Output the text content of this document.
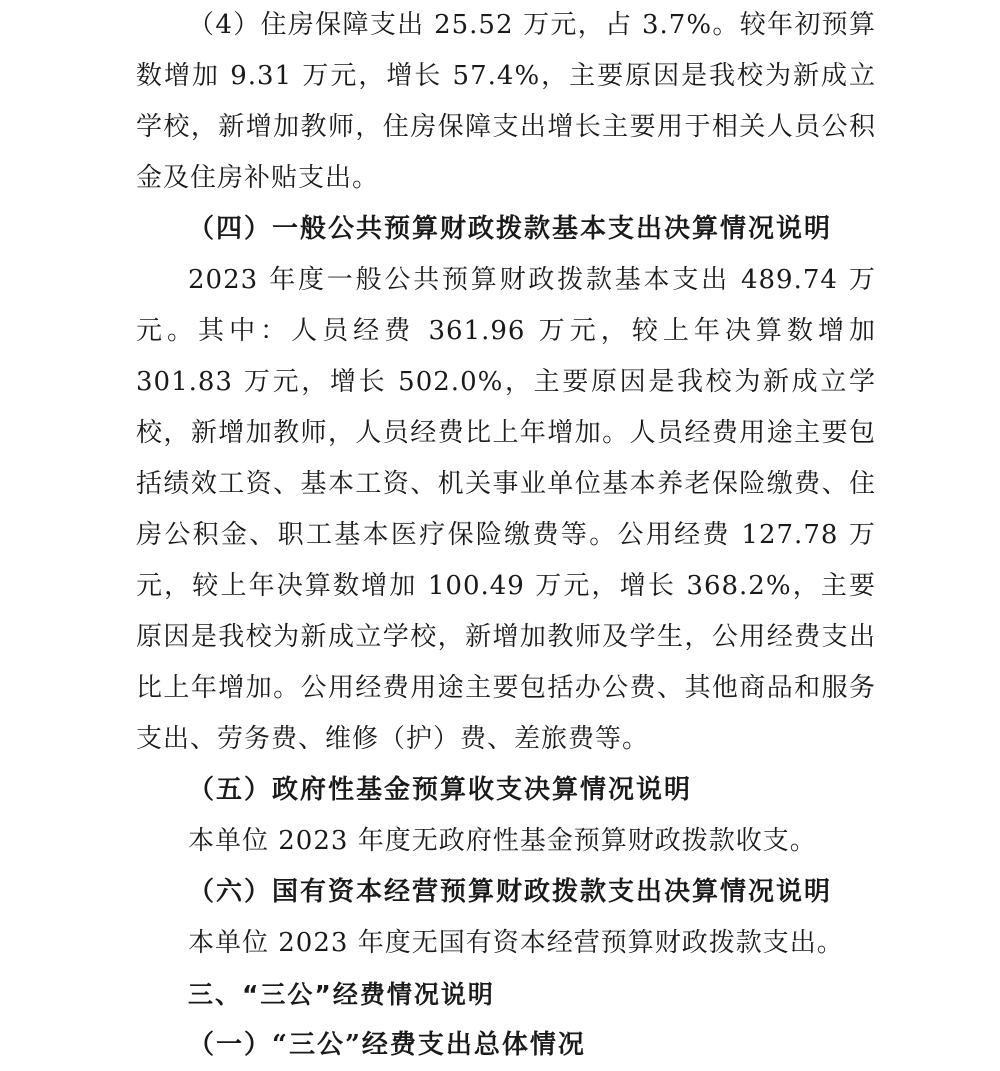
（4）住房保障支出 25.52 万元，占 3.7%。较年初预算数增加 9.31 万元，增长 57.4%，主要原因是我校为新成立学校，新增加教师，住房保障支出增长主要用于相关人员公积金及住房补贴支出。

（四）一般公共预算财政拨款基本支出决算情况说明

2023 年度一般公共预算财政拨款基本支出 489.74 万元。其中：人员经费 361.96 万元，较上年决算数增加 301.83 万元，增长 502.0%，主要原因是我校为新成立学校，新增加教师，人员经费比上年增加。人员经费用途主要包括绩效工资、基本工资、机关事业单位基本养老保险缴费、住房公积金、职工基本医疗保险缴费等。公用经费 127.78 万元，较上年决算数增加 100.49 万元，增长 368.2%，主要原因是我校为新成立学校，新增加教师及学生，公用经费支出比上年增加。公用经费用途主要包括办公费、其他商品和服务支出、劳务费、维修（护）费、差旅费等。

（五）政府性基金预算收支决算情况说明

本单位 2023 年度无政府性基金预算财政拨款收支。

（六）国有资本经营预算财政拨款支出决算情况说明

本单位 2023 年度无国有资本经营预算财政拨款支出。

三、“三公”经费情况说明

（一）“三公”经费支出总体情况
